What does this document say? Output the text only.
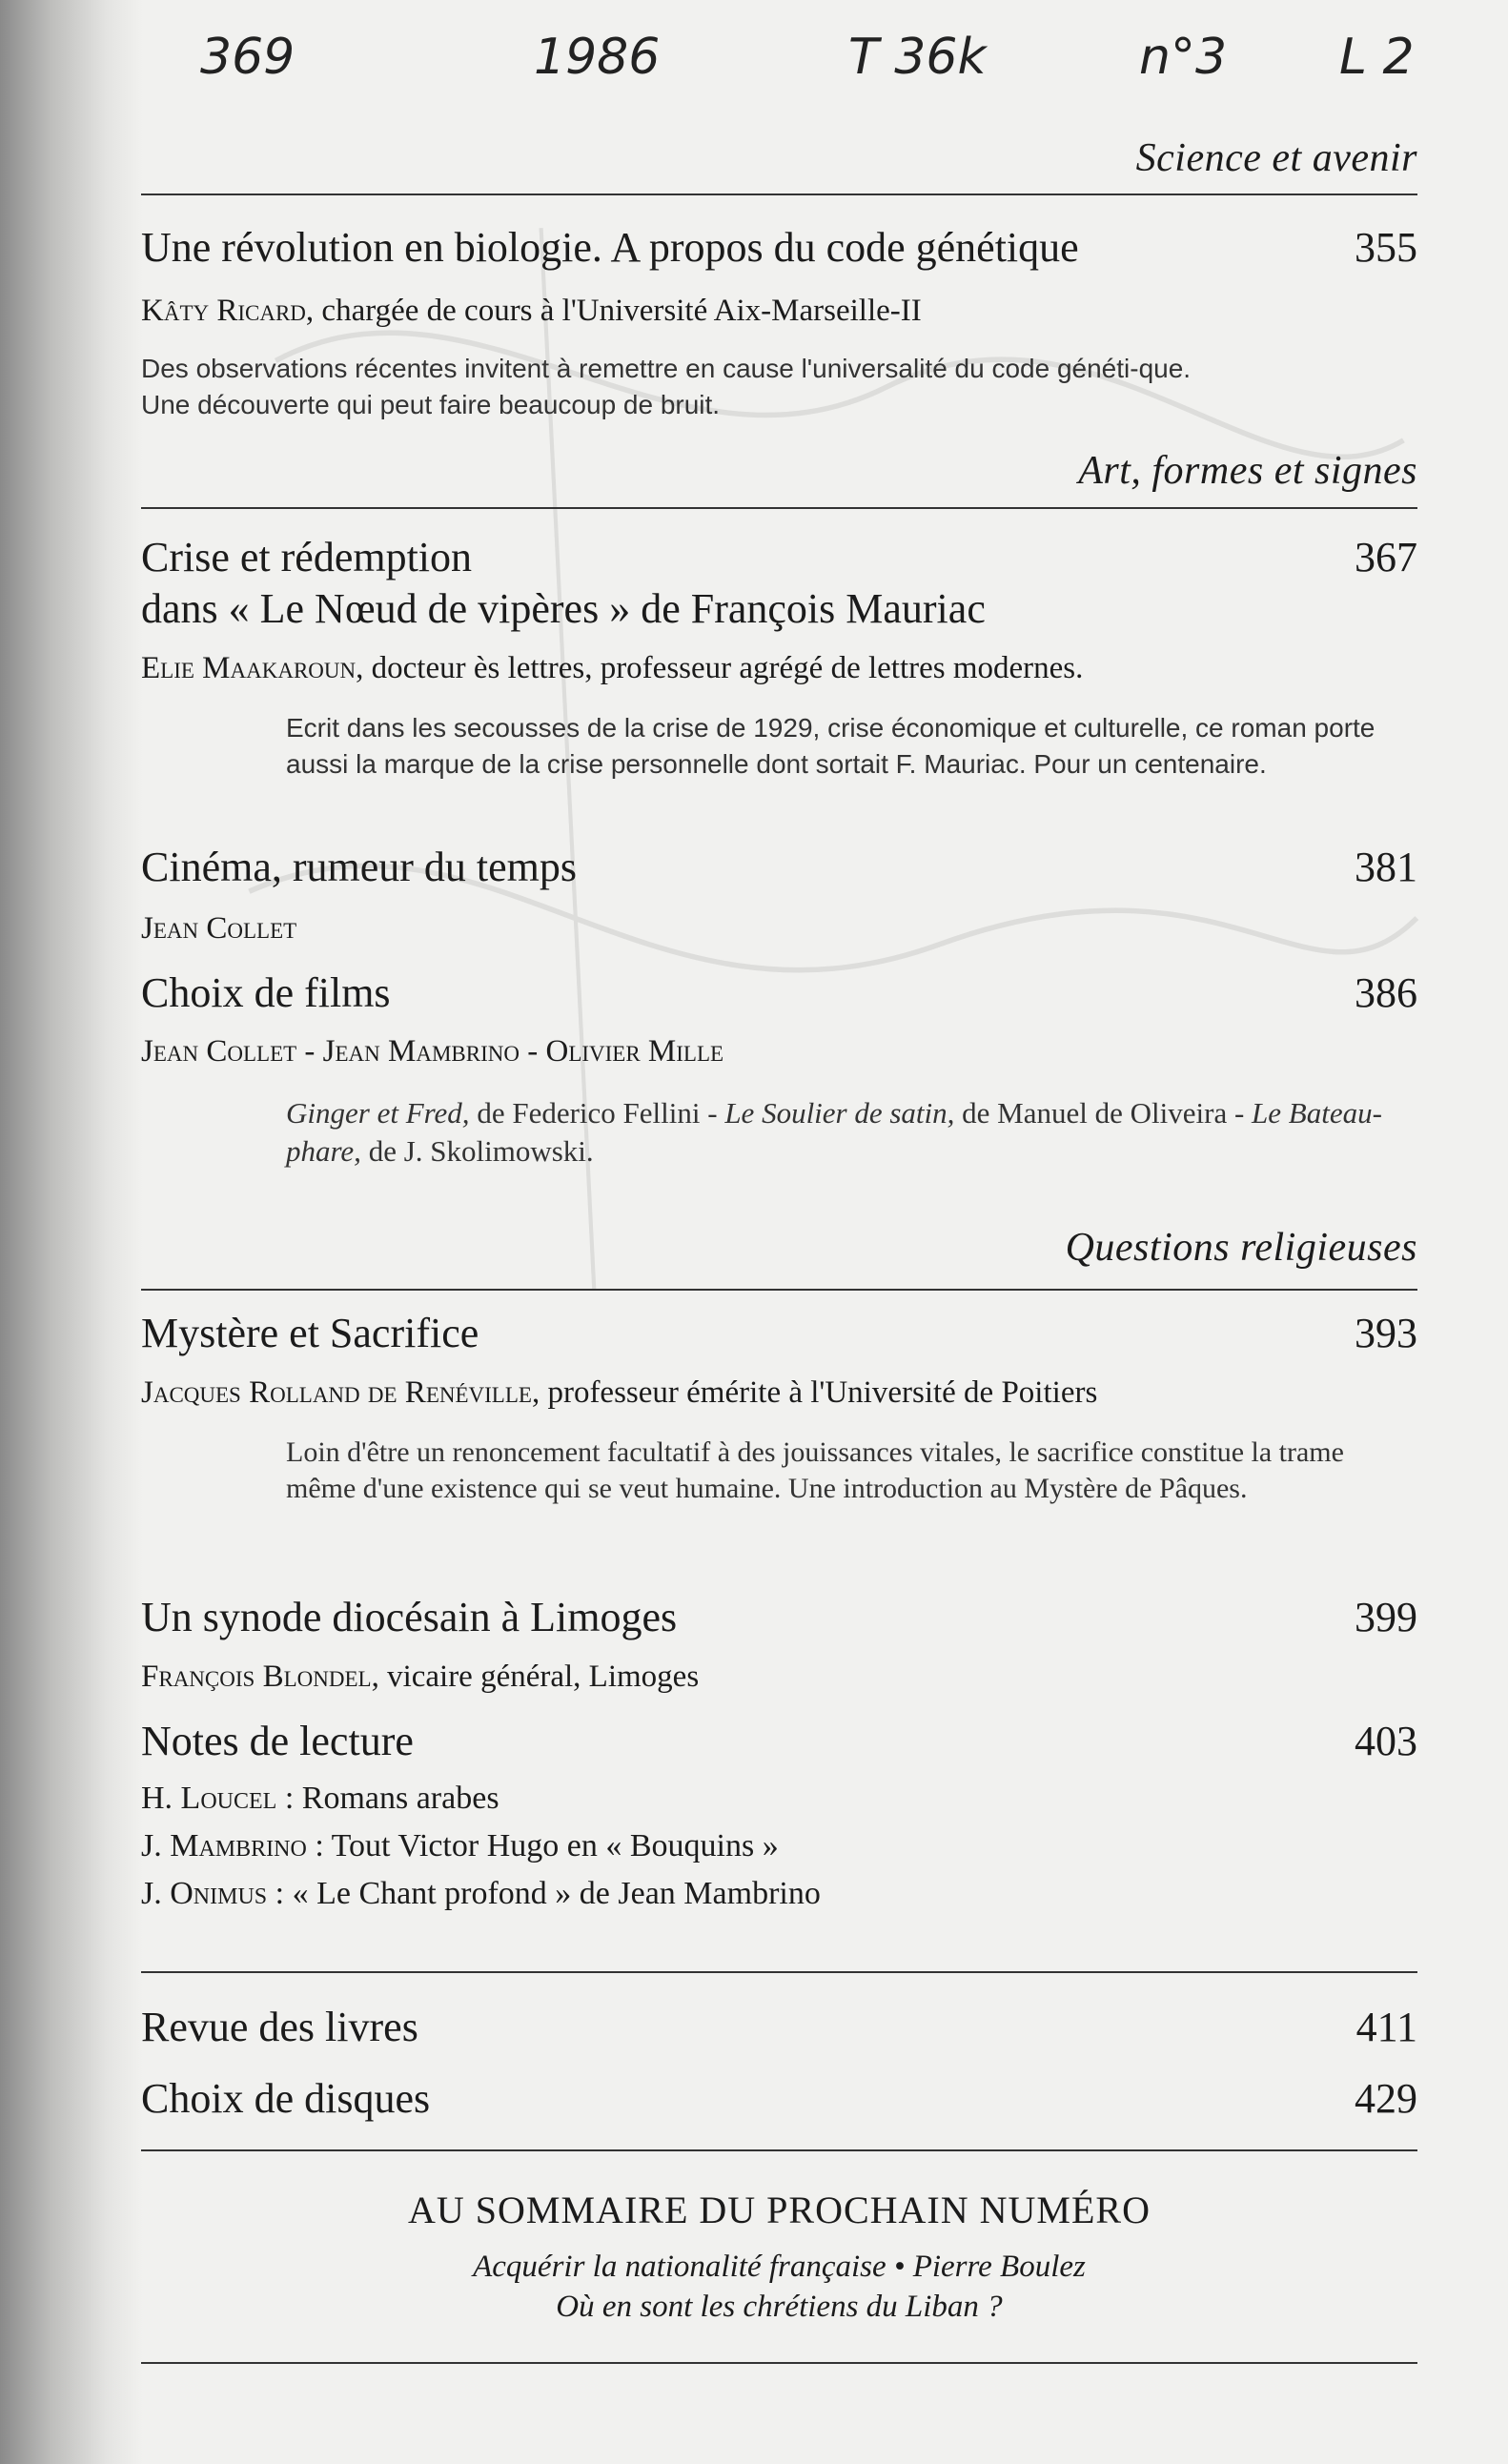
369	1986	T 36k	n°3 L 2
Science et avenir
Une révolution en biologie. A propos du code génétique	355
Kâty Ricard, chargée de cours à l'Université Aix-Marseille-II
Des observations récentes invitent à remettre en cause l'universalité du code généti-que. Une découverte qui peut faire beaucoup de bruit.
Art, formes et signes
Crise et rédemption	367
dans « Le Nœud de vipères » de François Mauriac
Elie Maakaroun, docteur ès lettres, professeur agrégé de lettres modernes.
Ecrit dans les secousses de la crise de 1929, crise économique et culturelle, ce roman porte aussi la marque de la crise personnelle dont sortait F. Mauriac. Pour un centenaire.
Cinéma, rumeur du temps	381
Jean Collet
Choix de films	386
Jean Collet - Jean Mambrino - Olivier Mille
Ginger et Fred, de Federico Fellini - Le Soulier de satin, de Manuel de Oliveira - Le Bateau-phare, de J. Skolimowski.
Questions religieuses
Mystère et Sacrifice	393
Jacques Rolland de Renéville, professeur émérite à l'Université de Poitiers
Loin d'être un renoncement facultatif à des jouissances vitales, le sacrifice constitue la trame même d'une existence qui se veut humaine. Une introduction au Mystère de Pâques.
Un synode diocésain à Limoges	399
François Blondel, vicaire général, Limoges
Notes de lecture	403
H. Loucel : Romans arabes
J. Mambrino : Tout Victor Hugo en « Bouquins »
J. Onimus : « Le Chant profond » de Jean Mambrino
Revue des livres	411
Choix de disques	429
AU SOMMAIRE DU PROCHAIN NUMÉRO
Acquérir la nationalité française • Pierre Boulez
Où en sont les chrétiens du Liban ?
